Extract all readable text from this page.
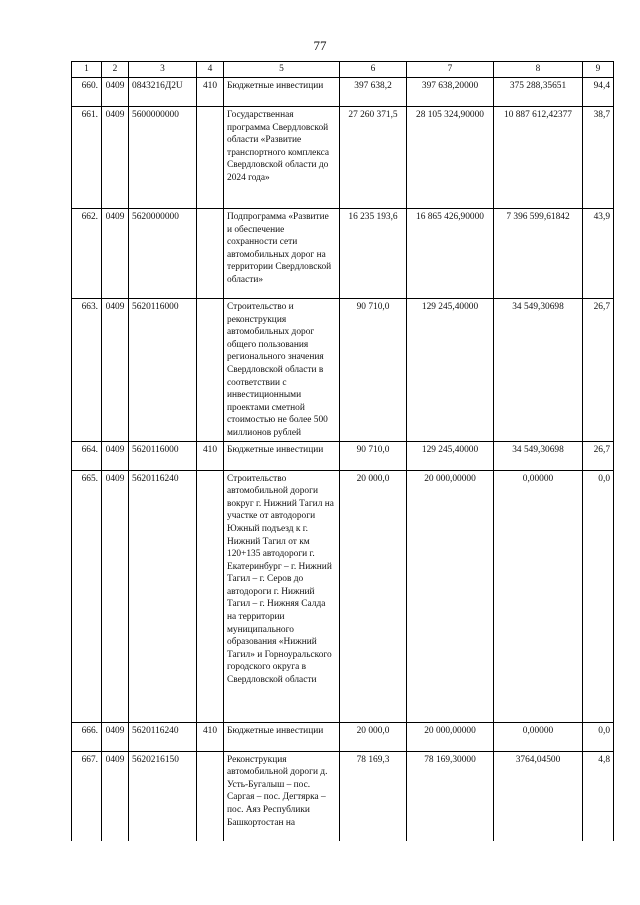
77
1	2	3	4	5	6	7	8	9
660.	0409	0843216Д2U	410	Бюджетные инвестиции	397 638,2	397 638,20000	375 288,35651	94,4
661.	0409	5600000000		Государственная программа Свердловской области «Развитие транспортного комплекса Свердловской области до 2024 года»	27 260 371,5	28 105 324,90000	10 887 612,42377	38,7
662.	0409	5620000000		Подпрограмма «Развитие и обеспечение сохранности сети автомобильных дорог на территории Свердловской области»	16 235 193,6	16 865 426,90000	7 396 599,61842	43,9
663.	0409	5620116000		Строительство и реконструкция автомобильных дорог общего пользования регионального значения Свердловской области в соответствии с инвестиционными проектами сметной стоимостью не более 500 миллионов рублей	90 710,0	129 245,40000	34 549,30698	26,7
664.	0409	5620116000	410	Бюджетные инвестиции	90 710,0	129 245,40000	34 549,30698	26,7
665.	0409	5620116240		Строительство автомобильной дороги вокруг г. Нижний Тагил на участке от автодороги Южный подъезд к г. Нижний Тагил от км 120+135 автодороги г. Екатеринбург – г. Нижний Тагил – г. Серов до автодороги г. Нижний Тагил – г. Нижняя Салда на территории муниципального образования «Нижний Тагил» и Горноуральского городского округа в Свердловской области	20 000,0	20 000,00000	0,00000	0,0
666.	0409	5620116240	410	Бюджетные инвестиции	20 000,0	20 000,00000	0,00000	0,0
667.	0409	5620216150		Реконструкция автомобильной дороги д. Усть-Бугалыш – пос. Саргая – пос. Дегтярка – пос. Аяз Республики Башкортостан на	78 169,3	78 169,30000	3764,04500	4,8
